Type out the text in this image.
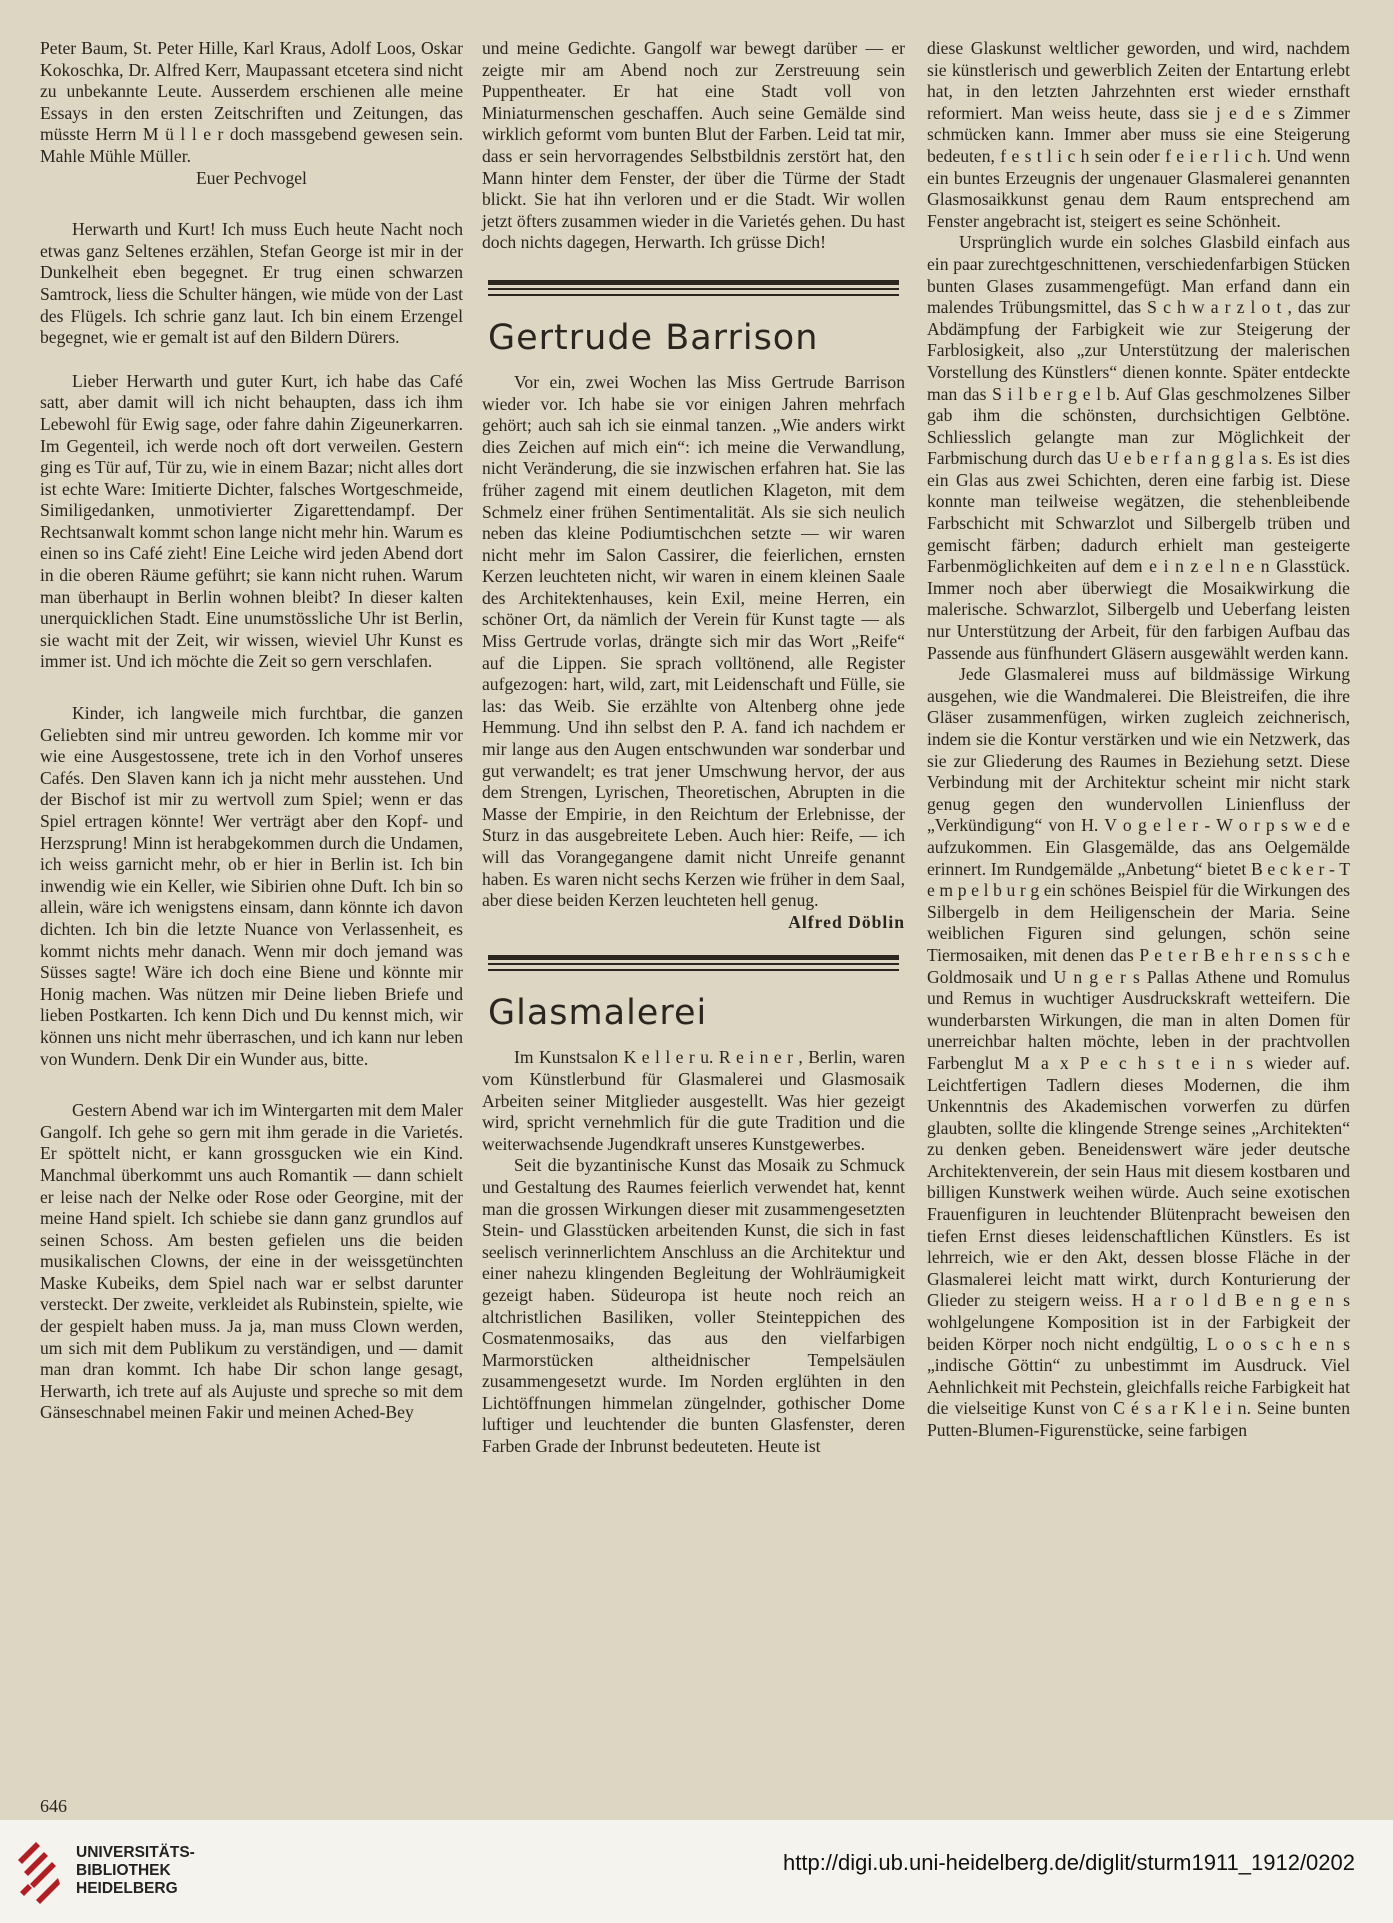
Peter Baum, St. Peter Hille, Karl Kraus, Adolf Loos, Oskar Kokoschka, Dr. Alfred Kerr, Maupassant etcetera sind nicht zu unbekannte Leute. Ausserdem erschienen alle meine Essays in den ersten Zeitschriften und Zeitungen, das müsste Herrn M ü l l e r doch massgebend gewesen sein. Mahle Mühle Müller.

Euer Pechvogel

Herwarth und Kurt! Ich muss Euch heute Nacht noch etwas ganz Seltenes erzählen, Stefan George ist mir in der Dunkelheit eben begegnet. Er trug einen schwarzen Samtrock, liess die Schulter hängen, wie müde von der Last des Flügels. Ich schrie ganz laut. Ich bin einem Erzengel begegnet, wie er gemalt ist auf den Bildern Dürers.

Lieber Herwarth und guter Kurt, ich habe das Café satt, aber damit will ich nicht behaupten, dass ich ihm Lebewohl für Ewig sage, oder fahre dahin Zigeunerkarren. Im Gegenteil, ich werde noch oft dort verweilen. Gestern ging es Tür auf, Tür zu, wie in einem Bazar; nicht alles dort ist echte Ware: Imitierte Dichter, falsches Wortgeschmeide, Similigedanken, unmotivierter Zigarettendampf. Der Rechtsanwalt kommt schon lange nicht mehr hin. Warum es einen so ins Café zieht! Eine Leiche wird jeden Abend dort in die oberen Räume geführt; sie kann nicht ruhen. Warum man überhaupt in Berlin wohnen bleibt? In dieser kalten unerquicklichen Stadt. Eine unumstössliche Uhr ist Berlin, sie wacht mit der Zeit, wir wissen, wieviel Uhr Kunst es immer ist. Und ich möchte die Zeit so gern verschlafen.

Kinder, ich langweile mich furchtbar, die ganzen Geliebten sind mir untreu geworden. Ich komme mir vor wie eine Ausgestossene, trete ich in den Vorhof unseres Cafés. Den Slaven kann ich ja nicht mehr ausstehen. Und der Bischof ist mir zu wertvoll zum Spiel; wenn er das Spiel ertragen könnte! Wer verträgt aber den Kopf- und Herzsprung! Minn ist herabgekommen durch die Undamen, ich weiss garnicht mehr, ob er hier in Berlin ist. Ich bin inwendig wie ein Keller, wie Sibirien ohne Duft. Ich bin so allein, wäre ich wenigstens einsam, dann könnte ich davon dichten. Ich bin die letzte Nuance von Verlassenheit, es kommt nichts mehr danach. Wenn mir doch jemand was Süsses sagte! Wäre ich doch eine Biene und könnte mir Honig machen. Was nützen mir Deine lieben Briefe und lieben Postkarten. Ich kenn Dich und Du kennst mich, wir können uns nicht mehr überraschen, und ich kann nur leben von Wundern. Denk Dir ein Wunder aus, bitte.

Gestern Abend war ich im Wintergarten mit dem Maler Gangolf. Ich gehe so gern mit ihm gerade in die Varietés. Er spöttelt nicht, er kann grossgucken wie ein Kind. Manchmal überkommt uns auch Romantik — dann schielt er leise nach der Nelke oder Rose oder Georgine, mit der meine Hand spielt. Ich schiebe sie dann ganz grundlos auf seinen Schoss. Am besten gefielen uns die beiden musikalischen Clowns, der eine in der weissgetünchten Maske Kubeiks, dem Spiel nach war er selbst darunter versteckt. Der zweite, verkleidet als Rubinstein, spielte, wie der gespielt haben muss. Ja ja, man muss Clown werden, um sich mit dem Publikum zu verständigen, und — damit man dran kommt. Ich habe Dir schon lange gesagt, Herwarth, ich trete auf als Aujuste und spreche so mit dem Gänseschnabel meinen Fakir und meinen Ached-Bey

und meine Gedichte. Gangolf war bewegt darüber — er zeigte mir am Abend noch zur Zerstreuung sein Puppentheater. Er hat eine Stadt voll von Miniaturmenschen geschaffen. Auch seine Gemälde sind wirklich geformt vom bunten Blut der Farben. Leid tat mir, dass er sein hervorragendes Selbstbildnis zerstört hat, den Mann hinter dem Fenster, der über die Türme der Stadt blickt. Sie hat ihn verloren und er die Stadt. Wir wollen jetzt öfters zusammen wieder in die Varietés gehen. Du hast doch nichts dagegen, Herwarth. Ich grüsse Dich!

Gertrude Barrison

Vor ein, zwei Wochen las Miss Gertrude Barrison wieder vor. Ich habe sie vor einigen Jahren mehrfach gehört; auch sah ich sie einmal tanzen. „Wie anders wirkt dies Zeichen auf mich ein“: ich meine die Verwandlung, nicht Veränderung, die sie inzwischen erfahren hat. Sie las früher zagend mit einem deutlichen Klageton, mit dem Schmelz einer frühen Sentimentalität. Als sie sich neulich neben das kleine Podiumtischchen setzte — wir waren nicht mehr im Salon Cassirer, die feierlichen, ernsten Kerzen leuchteten nicht, wir waren in einem kleinen Saale des Architektenhauses, kein Exil, meine Herren, ein schöner Ort, da nämlich der Verein für Kunst tagte — als Miss Gertrude vorlas, drängte sich mir das Wort „Reife“ auf die Lippen. Sie sprach volltönend, alle Register aufgezogen: hart, wild, zart, mit Leidenschaft und Fülle, sie las: das Weib. Sie erzählte von Altenberg ohne jede Hemmung. Und ihn selbst den P. A. fand ich nachdem er mir lange aus den Augen entschwunden war sonderbar und gut verwandelt; es trat jener Umschwung hervor, der aus dem Strengen, Lyrischen, Theoretischen, Abrupten in die Masse der Empirie, in den Reichtum der Erlebnisse, der Sturz in das ausgebreitete Leben. Auch hier: Reife, — ich will das Vorangegangene damit nicht Unreife genannt haben. Es waren nicht sechs Kerzen wie früher in dem Saal, aber diese beiden Kerzen leuchteten hell genug.

Alfred Döblin

Glasmalerei

Im Kunstsalon K e l l e r u. R e i n e r , Berlin, waren vom Künstlerbund für Glasmalerei und Glasmosaik Arbeiten seiner Mitglieder ausgestellt. Was hier gezeigt wird, spricht vernehmlich für die gute Tradition und die weiterwachsende Jugendkraft unseres Kunstgewerbes.

Seit die byzantinische Kunst das Mosaik zu Schmuck und Gestaltung des Raumes feierlich verwendet hat, kennt man die grossen Wirkungen dieser mit zusammengesetzten Stein- und Glasstücken arbeitenden Kunst, die sich in fast seelisch verinnerlichtem Anschluss an die Architektur und einer nahezu klingenden Begleitung der Wohlräumigkeit gezeigt haben. Südeuropa ist heute noch reich an altchristlichen Basiliken, voller Steinteppichen des Cosmatenmosaiks, das aus den vielfarbigen Marmorstücken altheidnischer Tempelsäulen zusammengesetzt wurde. Im Norden erglühten in den Lichtöffnungen himmelan züngelnder, gothischer Dome luftiger und leuchtender die bunten Glasfenster, deren Farben Grade der Inbrunst bedeuteten. Heute ist

diese Glaskunst weltlicher geworden, und wird, nachdem sie künstlerisch und gewerblich Zeiten der Entartung erlebt hat, in den letzten Jahrzehnten erst wieder ernsthaft reformiert. Man weiss heute, dass sie j e d e s Zimmer schmücken kann. Immer aber muss sie eine Steigerung bedeuten, f e s t l i c h sein oder f e i e r l i c h. Und wenn ein buntes Erzeugnis der ungenauer Glasmalerei genannten Glasmosaikkunst genau dem Raum entsprechend am Fenster angebracht ist, steigert es seine Schönheit.

Ursprünglich wurde ein solches Glasbild einfach aus ein paar zurechtgeschnittenen, verschiedenfarbigen Stücken bunten Glases zusammengefügt. Man erfand dann ein malendes Trübungsmittel, das S c h w a r z l o t , das zur Abdämpfung der Farbigkeit wie zur Steigerung der Farblosigkeit, also „zur Unterstützung der malerischen Vorstellung des Künstlers“ dienen konnte. Später entdeckte man das S i l b e r g e l b. Auf Glas geschmolzenes Silber gab ihm die schönsten, durchsichtigen Gelbtöne. Schliesslich gelangte man zur Möglichkeit der Farbmischung durch das U e b e r f a n g g l a s. Es ist dies ein Glas aus zwei Schichten, deren eine farbig ist. Diese konnte man teilweise wegätzen, die stehenbleibende Farbschicht mit Schwarzlot und Silbergelb trüben und gemischt färben; dadurch erhielt man gesteigerte Farbenmöglichkeiten auf dem e i n z e l n e n Glasstück. Immer noch aber überwiegt die Mosaikwirkung die malerische. Schwarzlot, Silbergelb und Ueberfang leisten nur Unterstützung der Arbeit, für den farbigen Aufbau das Passende aus fünfhundert Gläsern ausgewählt werden kann.

Jede Glasmalerei muss auf bildmässige Wirkung ausgehen, wie die Wandmalerei. Die Bleistreifen, die ihre Gläser zusammenfügen, wirken zugleich zeichnerisch, indem sie die Kontur verstärken und wie ein Netzwerk, das sie zur Gliederung des Raumes in Beziehung setzt. Diese Verbindung mit der Architektur scheint mir nicht stark genug gegen den wundervollen Linienfluss der „Verkündigung“ von H. V o g e l e r - W o r p s w e d e aufzukommen. Ein Glasgemälde, das ans Oelgemälde erinnert. Im Rundgemälde „Anbetung“ bietet B e c k e r - T e m p e l b u r g ein schönes Beispiel für die Wirkungen des Silbergelb in dem Heiligenschein der Maria. Seine weiblichen Figuren sind gelungen, schön seine Tiermosaiken, mit denen das P e t e r B e h r e n s s c h e Goldmosaik und U n g e r s Pallas Athene und Romulus und Remus in wuchtiger Ausdruckskraft wetteifern. Die wunderbarsten Wirkungen, die man in alten Domen für unerreichbar halten möchte, leben in der prachtvollen Farbenglut M a x P e c h s t e i n s wieder auf. Leichtfertigen Tadlern dieses Modernen, die ihm Unkenntnis des Akademischen vorwerfen zu dürfen glaubten, sollte die klingende Strenge seines „Architekten“ zu denken geben. Beneidenswert wäre jeder deutsche Architektenverein, der sein Haus mit diesem kostbaren und billigen Kunstwerk weihen würde. Auch seine exotischen Frauenfiguren in leuchtender Blütenpracht beweisen den tiefen Ernst dieses leidenschaftlichen Künstlers. Es ist lehrreich, wie er den Akt, dessen blosse Fläche in der Glasmalerei leicht matt wirkt, durch Konturierung der Glieder zu steigern weiss. H a r o l d B e n g e n s wohlgelungene Komposition ist in der Farbigkeit der beiden Körper noch nicht endgültig, L o o s c h e n s „indische Göttin“ zu unbestimmt im Ausdruck. Viel Aehnlichkeit mit Pechstein, gleichfalls reiche Farbigkeit hat die vielseitige Kunst von C é s a r K l e i n. Seine bunten Putten-Blumen-Figurenstücke, seine farbigen

646
UNIVERSITÄTS-
BIBLIOTHEK
HEIDELBERG
http://digi.ub.uni-heidelberg.de/diglit/sturm1911_1912/0202
